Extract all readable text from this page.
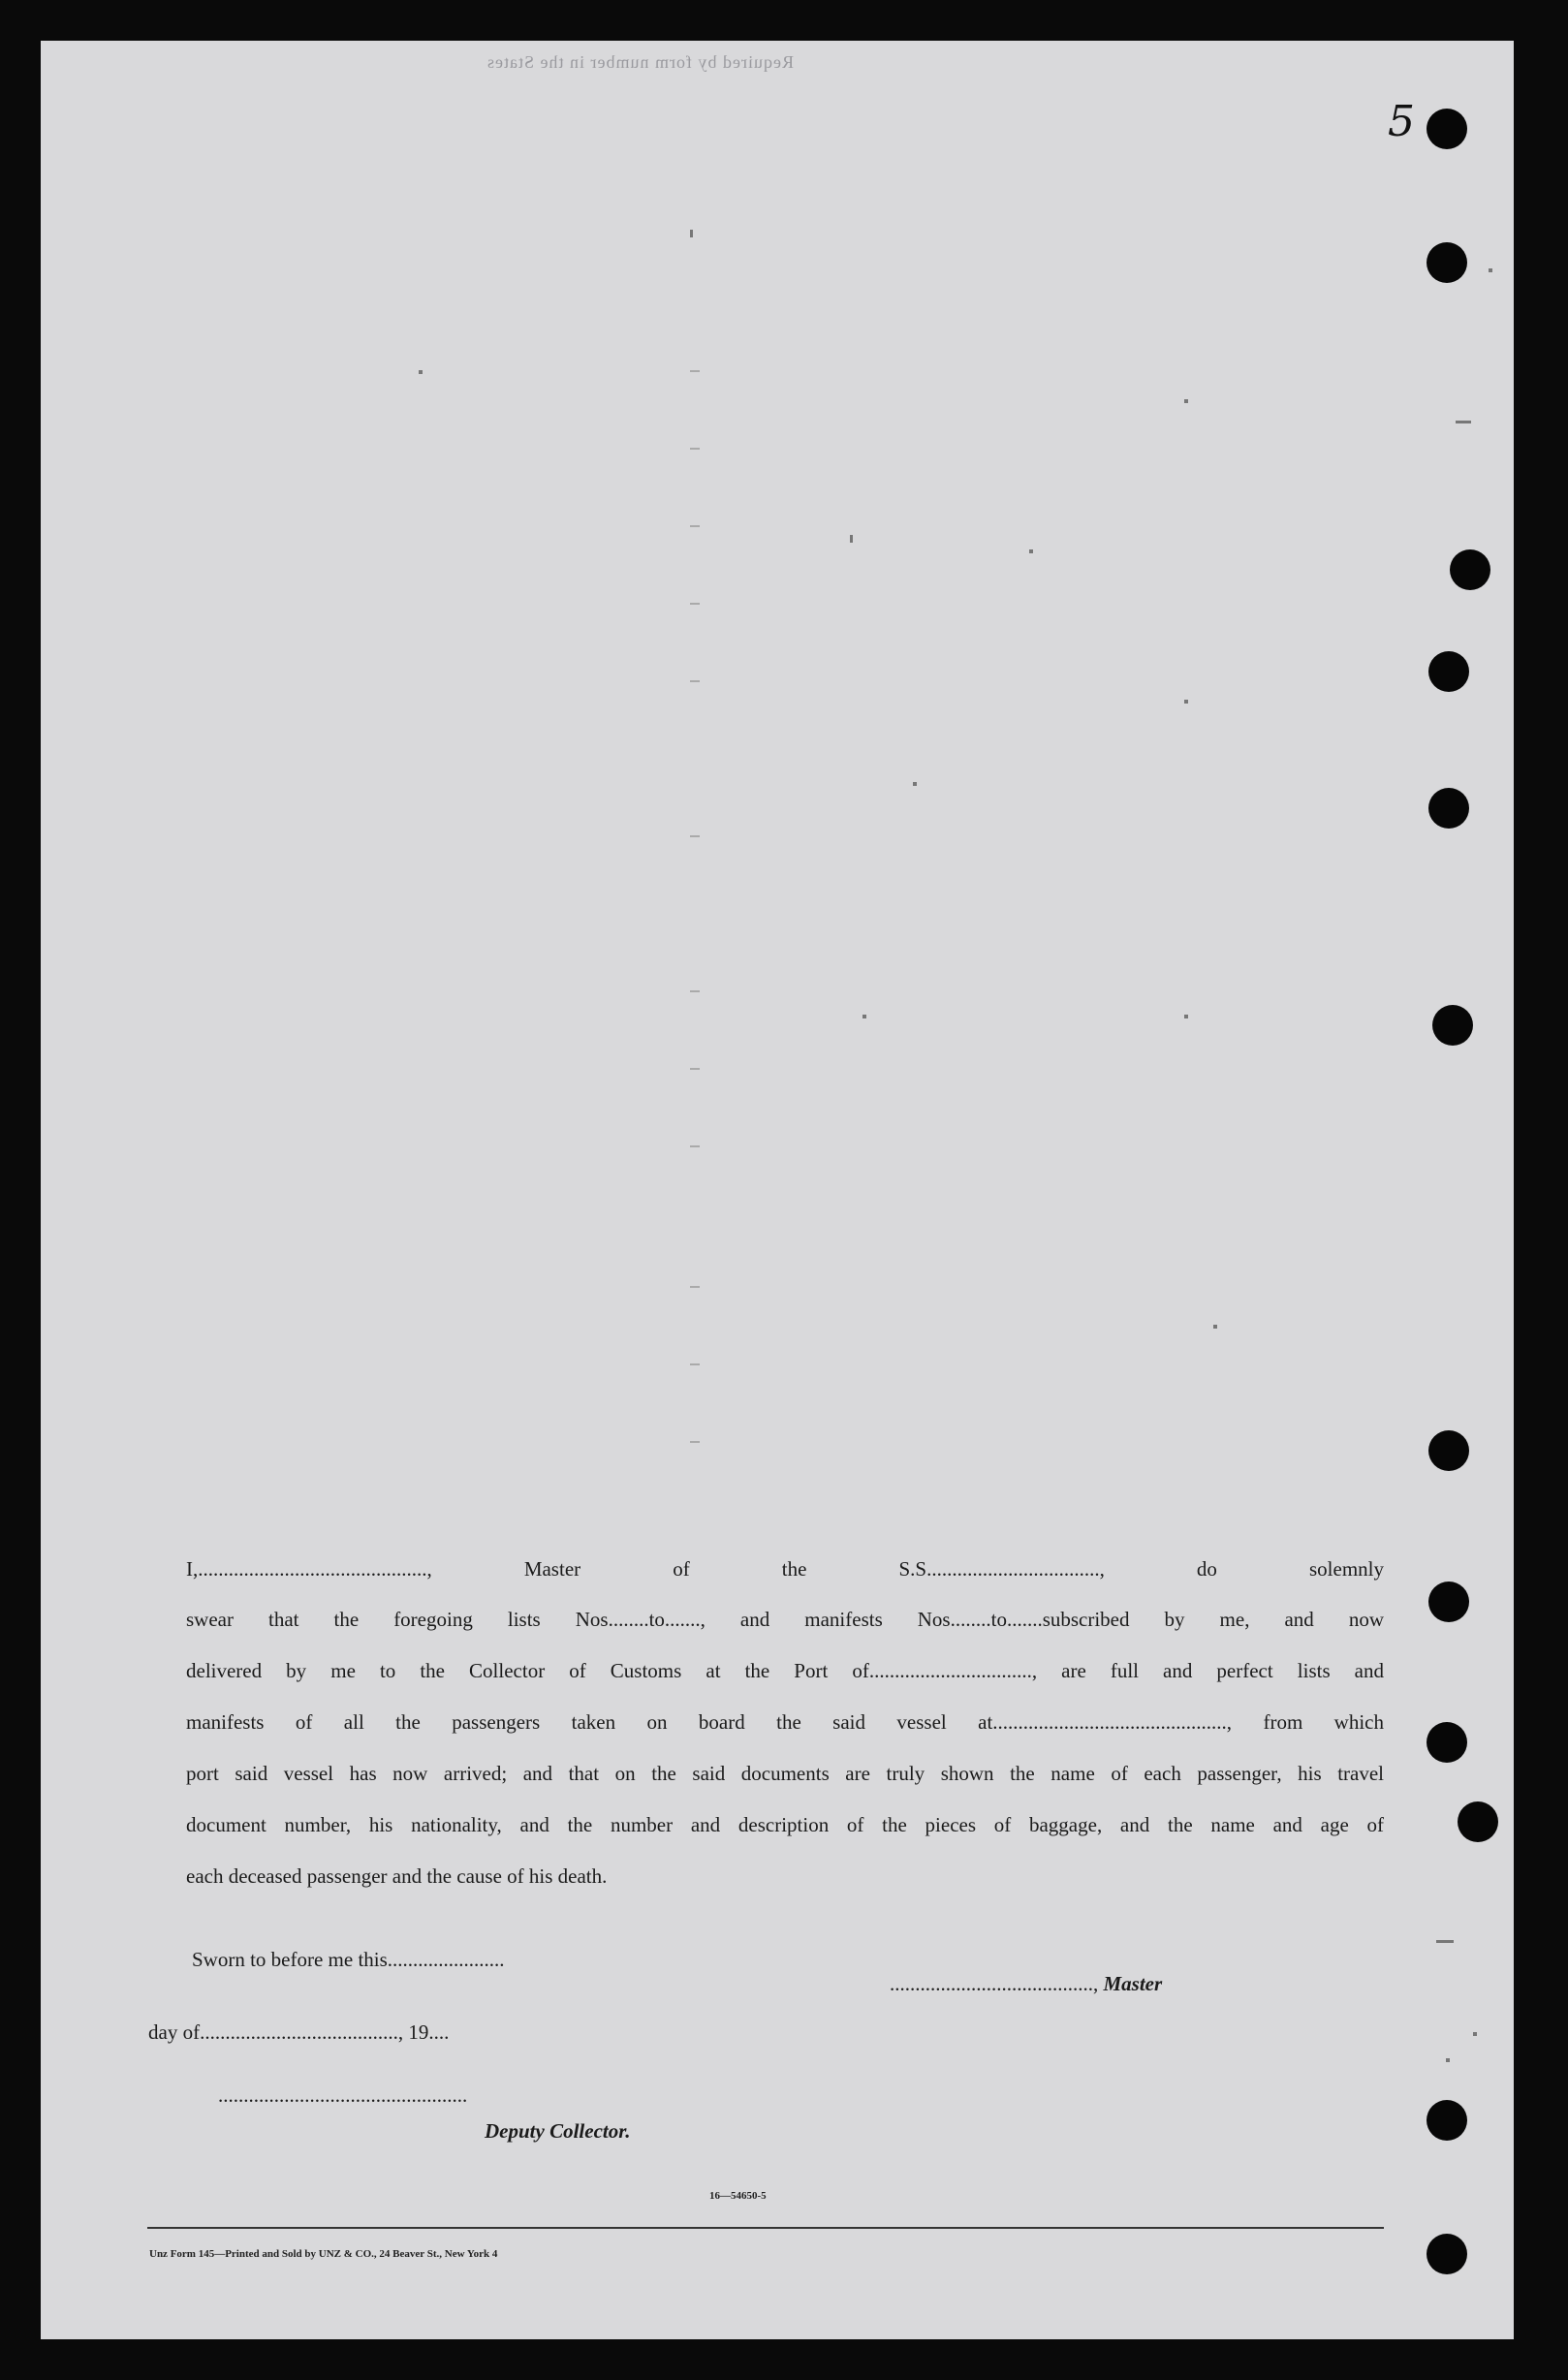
Required by form number in the States
5
I,............................................., Master of the S.S.................................., do solemnly
swear that the foregoing lists Nos........to......., and manifests Nos........to.......subscribed by me, and now
delivered by me to the Collector of Customs at the Port of................................, are full and perfect lists and
manifests of all the passengers taken on board the said vessel at.............................................., from which
port said vessel has now arrived; and that on the said documents are truly shown the name of each passenger, his travel
document number, his nationality, and the number and description of the pieces of baggage, and the name and age of
each deceased passenger and the cause of his death.
Sworn to before me this.......................

........................................, Master

day of......................................., 19....
.................................................
Deputy Collector.
16—54650-5
Unz Form 145—Printed and Sold by UNZ & CO., 24 Beaver St., New York 4
